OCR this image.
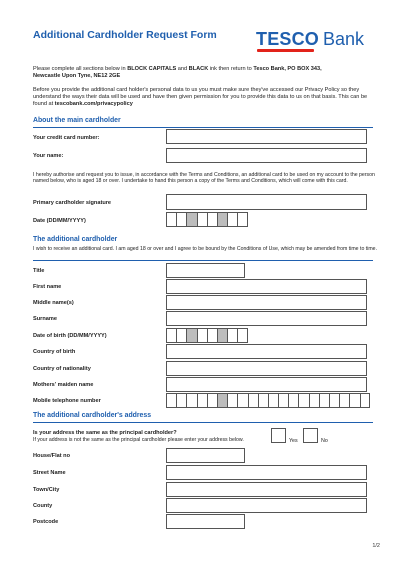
Additional Cardholder Request Form TESCO Bank
Please complete all sections below in BLOCK CAPITALS and BLACK ink then return to Tesco Bank, PO BOX 343,
Newcastle Upon Tyne, NE12 2GE
Before you provide the additional card holder's personal data to us you must make sure they've accessed our Privacy Policy so they understand the ways their data will be used and have then given permission for you to provide this data to us on that basis. This can be found at tescobank.com/privacypolicy
About the main cardholder
Your credit card number:
Your name:
I hereby authorise and request you to issue, in accordance with the Terms and Conditions, an additional card to be used on my account to the person named below, who is aged 18 or over. I undertake to hand this person a copy of the Terms and Conditions, which will come with this card.
Primary cardholder signature
Date (DD/MM/YYYY)
The additional cardholder
I wish to receive an additional card. I am aged 18 or over and I agree to be bound by the Conditions of Use, which may be amended from time to time.
Title
First name
Middle name(s)
Surname
Date of birth (DD/MM/YYYY)
Country of birth
Country of nationality
Mothers' maiden name
Mobile telephone number
The additional cardholder's address
Is your address the same as the principal cardholder?
If your address is not the same as the principal cardholder please enter your address below.	Yes	No
House/Flat no
Street Name
Town/City
County
Postcode
1/2
